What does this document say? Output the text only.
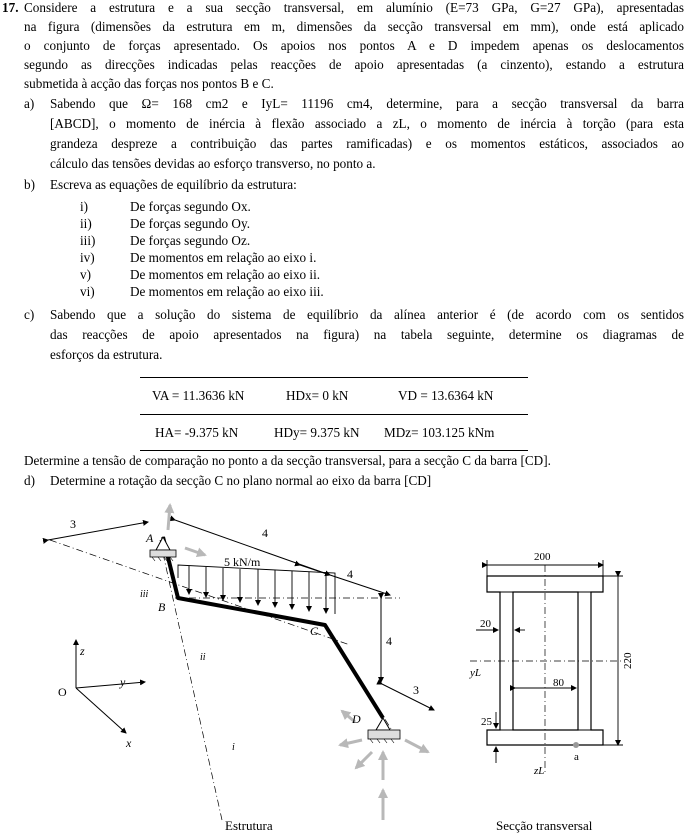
17. Considere a estrutura e a sua secção transversal, em alumínio (E=73 GPa, G=27 GPa), apresentadas
na figura (dimensões da estrutura em m, dimensões da secção transversal em mm), onde está aplicado
o conjunto de forças apresentado. Os apoios nos pontos A e D impedem apenas os deslocamentos
segundo as direcções indicadas pelas reacções de apoio apresentadas (a cinzento), estando a estrutura
submetida à acção das forças nos pontos B e C.
a) Sabendo que Ω= 168 cm2 e IyL= 11196 cm4, determine, para a secção transversal da barra
[ABCD], o momento de inércia à flexão associado a zL, o momento de inércia à torção (para esta
grandeza despreze a contribuição das partes ramificadas) e os momentos estáticos, associados ao
cálculo das tensões devidas ao esforço transverso, no ponto a.
b) Escreva as equações de equilíbrio da estrutura:
i)	De forças segundo Ox.
ii)	De forças segundo Oy.
iii)	De forças segundo Oz.
iv)	De momentos em relação ao eixo i.
v)	De momentos em relação ao eixo ii.
vi)	De momentos em relação ao eixo iii.
c) Sabendo que a solução do sistema de equilíbrio da alínea anterior é (de acordo com os sentidos
das reacções de apoio apresentados na figura) na tabela seguinte, determine os diagramas de
esforços da estrutura.
VA = 11.3636 kN	HDx= 0 kN	VD = 13.6364 kN
HA= -9.375 kN	HDy= 9.375 kN MDz= 103.125 kNm
Determine a tensão de comparação no ponto a da secção transversal, para a secção C da barra [CD].
d) Determine a rotação da secção C no plano normal ao eixo da barra [CD]
3
4
4
4
3
5 kN/m
A
B
C
D
iii
ii
i
z
y
x
O
200
220
20
80
25
yL
zL
a
Estrutura	Secção transversal
